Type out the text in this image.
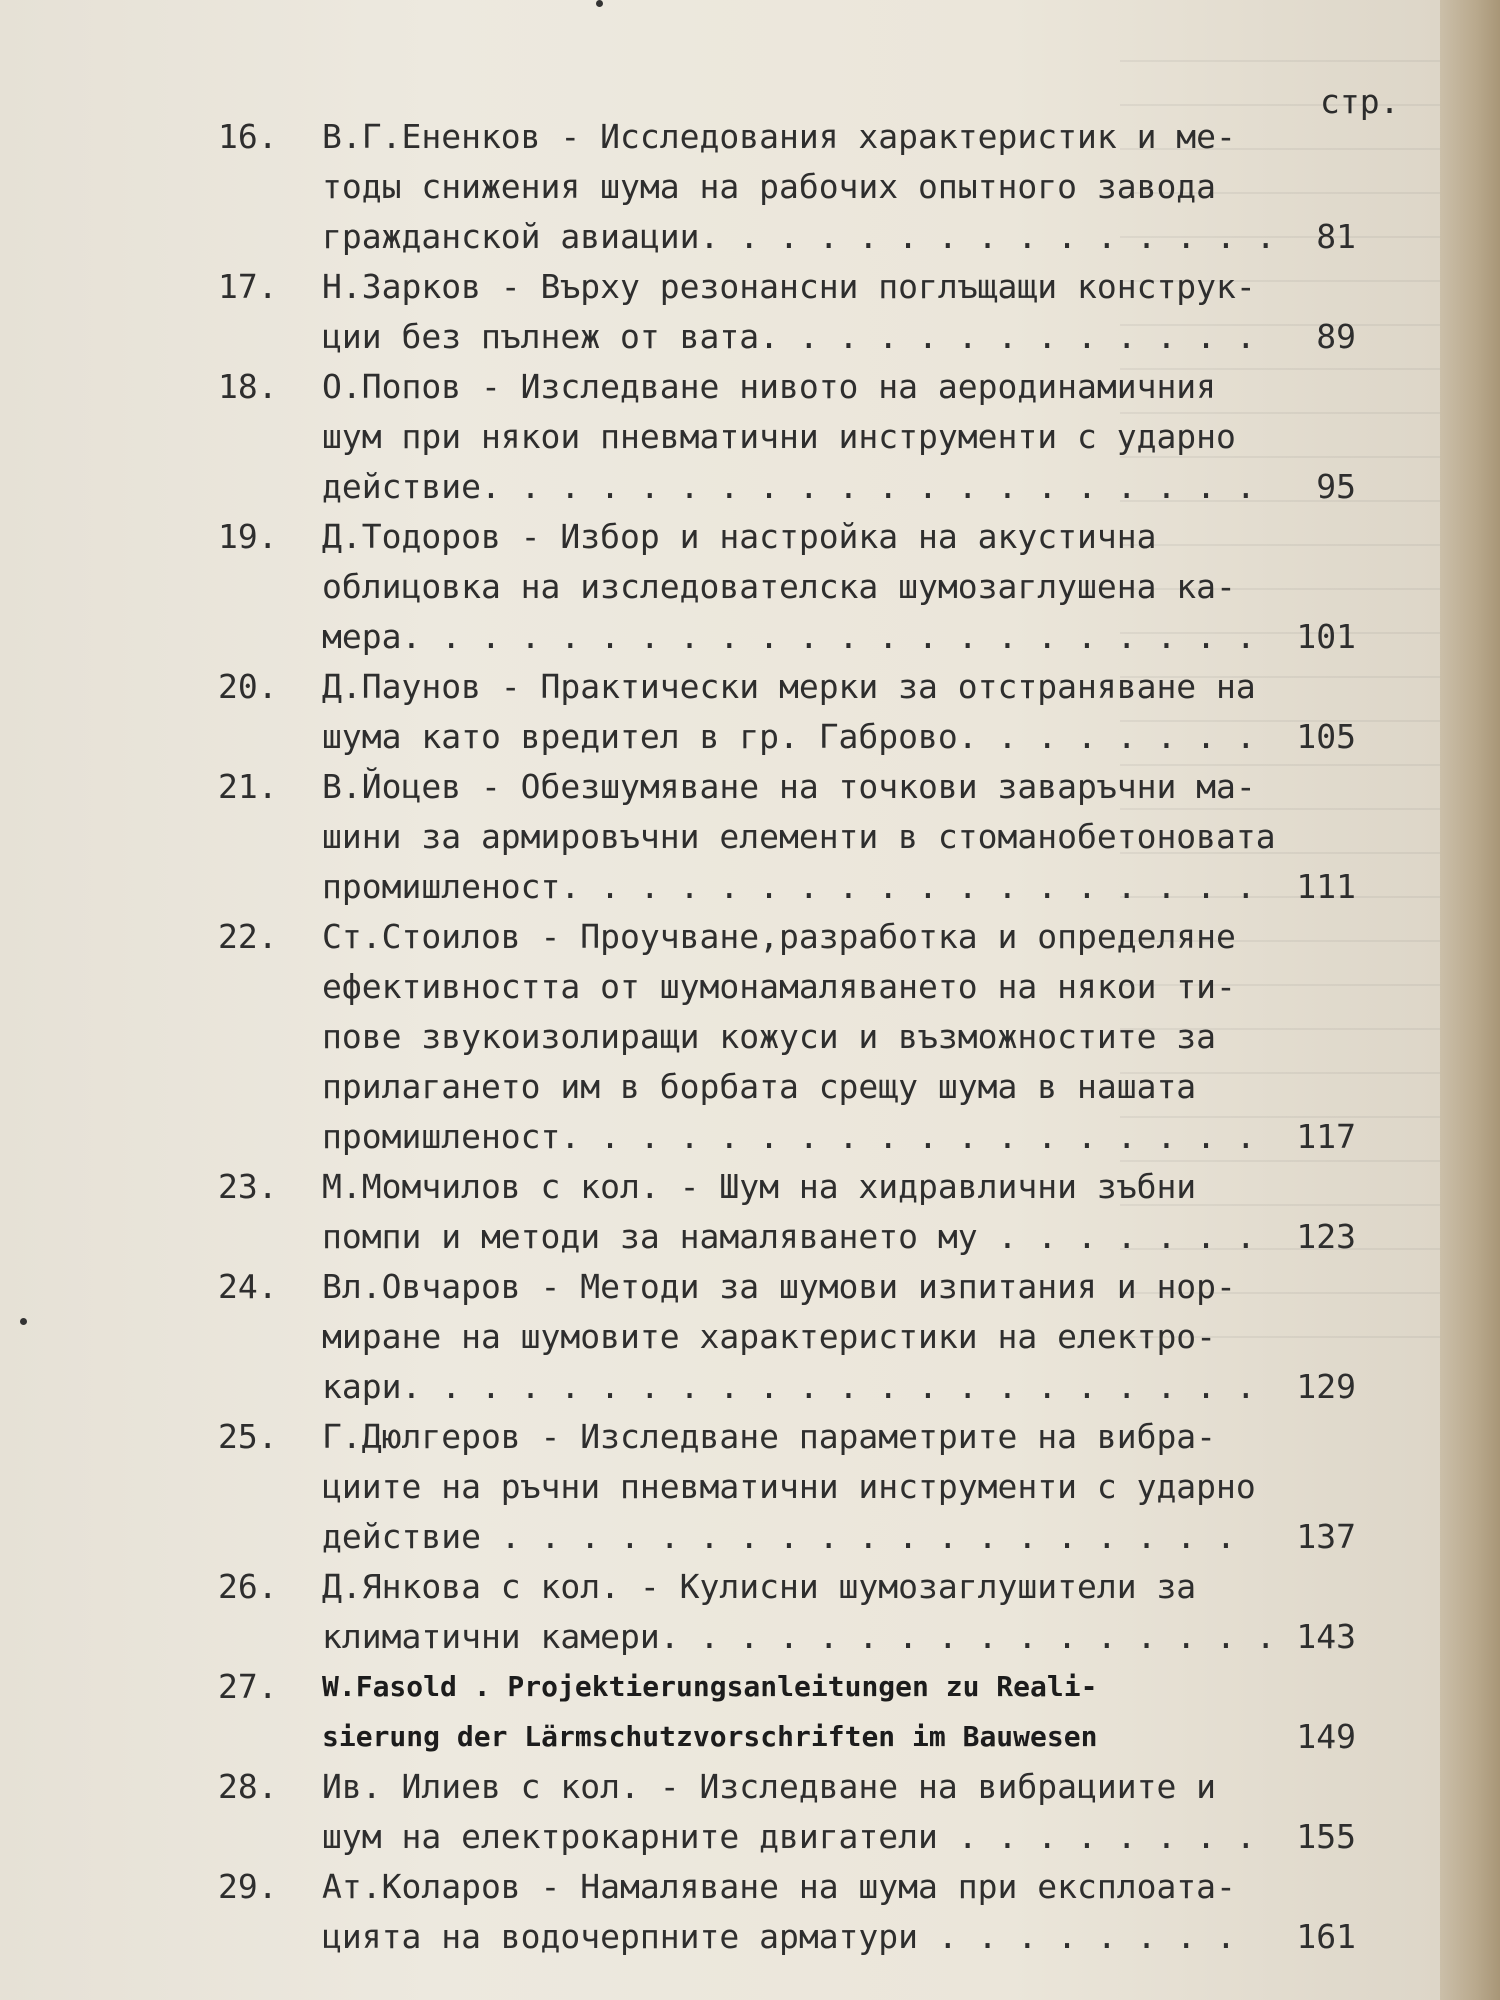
стр.
16. В.Г.Ененков - Исследования характеристик и ме-
тоды снижения шума на рабочих опытного завода
гражданской авиации. . . . . . . . . . . . . . .	81
17. Н.Зарков - Върху резонансни поглъщащи конструк-
ции без пълнеж от вата. . . . . . . . . . . . .	89
18. О.Попов - Изследване нивото на аеродинамичния
шум при някои пневматични инструменти с ударно
действие. . . . . . . . . . . . . . . . . . . .	95
19. Д.Тодоров - Избор и настройка на акустична
облицовка на изследователска шумозаглушена ка-
мера. . . . . . . . . . . . . . . . . . . . . .	101
20. Д.Паунов - Практически мерки за отстраняване на
шума като вредител в гр. Габрово. . . . . . . .	105
21. В.Йоцев - Обезшумяване на точкови заваръчни ма-
шини за армировъчни елементи в стоманобетоновата
промишленост. . . . . . . . . . . . . . . . . .	111
22. Ст.Стоилов - Проучване,разработка и определяне
ефективността от шумонамаляването на някои ти-
пове звукоизолиращи кожуси и възможностите за
прилагането им в борбата срещу шума в нашата
промишленост. . . . . . . . . . . . . . . . . .	117
23. М.Момчилов с кол. - Шум на хидравлични зъбни
помпи и методи за намаляването му . . . . . . .	123
24. Вл.Овчаров - Методи за шумови изпитания и нор-
миране на шумовите характеристики на електро-
кари. . . . . . . . . . . . . . . . . . . . . .	129
25. Г.Дюлгеров - Изследване параметрите на вибра-
циите на ръчни пневматични инструменти с ударно
действие . . . . . . . . . . . . . . . . . . .	137
26. Д.Янкова с кол. - Кулисни шумозаглушители за
климатични камери. . . . . . . . . . . . . . . . 143
27. W.Fasold . Projektierungsanleitungen zu Reali-
sierung der Lärmschutzvorschriften im Bauwesen	149
28. Ив. Илиев с кол. - Изследване на вибрациите и
шум на електрокарните двигатели . . . . . . . .	155
29. Ат.Коларов - Намаляване на шума при експлоата-
цията на водочерпните арматури . . . . . . . .	161
